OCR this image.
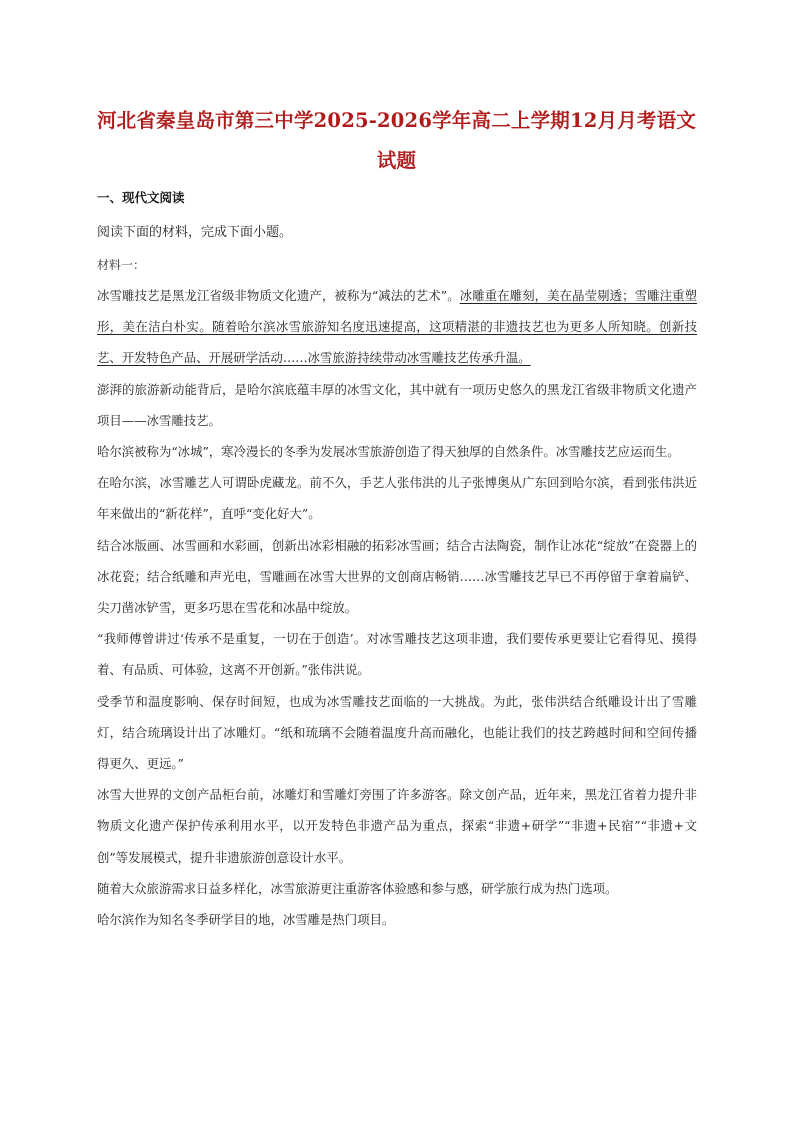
河北省秦皇岛市第三中学2025-2026学年高二上学期12月月考语文
试题
一、现代文阅读
阅读下面的材料，完成下面小题。
材料一：

冰雪雕技艺是黑龙江省级非物质文化遗产，被称为“减法的艺术”。冰雕重在雕刻，美在晶莹剔透；雪雕注重塑形，美在洁白朴实。随着哈尔滨冰雪旅游知名度迅速提高，这项精湛的非遗技艺也为更多人所知晓。创新技艺、开发特色产品、开展研学活动……冰雪旅游持续带动冰雪雕技艺传承升温。

澎湃的旅游新动能背后，是哈尔滨底蕴丰厚的冰雪文化，其中就有一项历史悠久的黑龙江省级非物质文化遗产项目——冰雪雕技艺。

哈尔滨被称为“冰城”，寒冷漫长的冬季为发展冰雪旅游创造了得天独厚的自然条件。冰雪雕技艺应运而生。

在哈尔滨，冰雪雕艺人可谓卧虎藏龙。前不久，手艺人张伟洪的儿子张博奥从广东回到哈尔滨，看到张伟洪近年来做出的“新花样”，直呼“变化好大”。

结合冰版画、冰雪画和水彩画，创新出冰彩相融的拓彩冰雪画；结合古法陶瓷，制作让冰花“绽放”在瓷器上的冰花瓷；结合纸雕和声光电，雪雕画在冰雪大世界的文创商店畅销……冰雪雕技艺早已不再停留于拿着扁铲、尖刀凿冰铲雪，更多巧思在雪花和冰晶中绽放。

“我师傅曾讲过‘传承不是重复，一切在于创造’。对冰雪雕技艺这项非遗，我们要传承更要让它看得见、摸得着、有品质、可体验，这离不开创新。”张伟洪说。

受季节和温度影响、保存时间短，也成为冰雪雕技艺面临的一大挑战。为此，张伟洪结合纸雕设计出了雪雕灯，结合琉璃设计出了冰雕灯。“纸和琉璃不会随着温度升高而融化，也能让我们的技艺跨越时间和空间传播得更久、更远。”

冰雪大世界的文创产品柜台前，冰雕灯和雪雕灯旁围了许多游客。除文创产品，近年来，黑龙江省着力提升非物质文化遗产保护传承利用水平，以开发特色非遗产品为重点，探索“非遗+研学”“非遗+民宿”“非遗+文创”等发展模式，提升非遗旅游创意设计水平。

随着大众旅游需求日益多样化，冰雪旅游更注重游客体验感和参与感，研学旅行成为热门选项。

哈尔滨作为知名冬季研学目的地，冰雪雕是热门项目。
